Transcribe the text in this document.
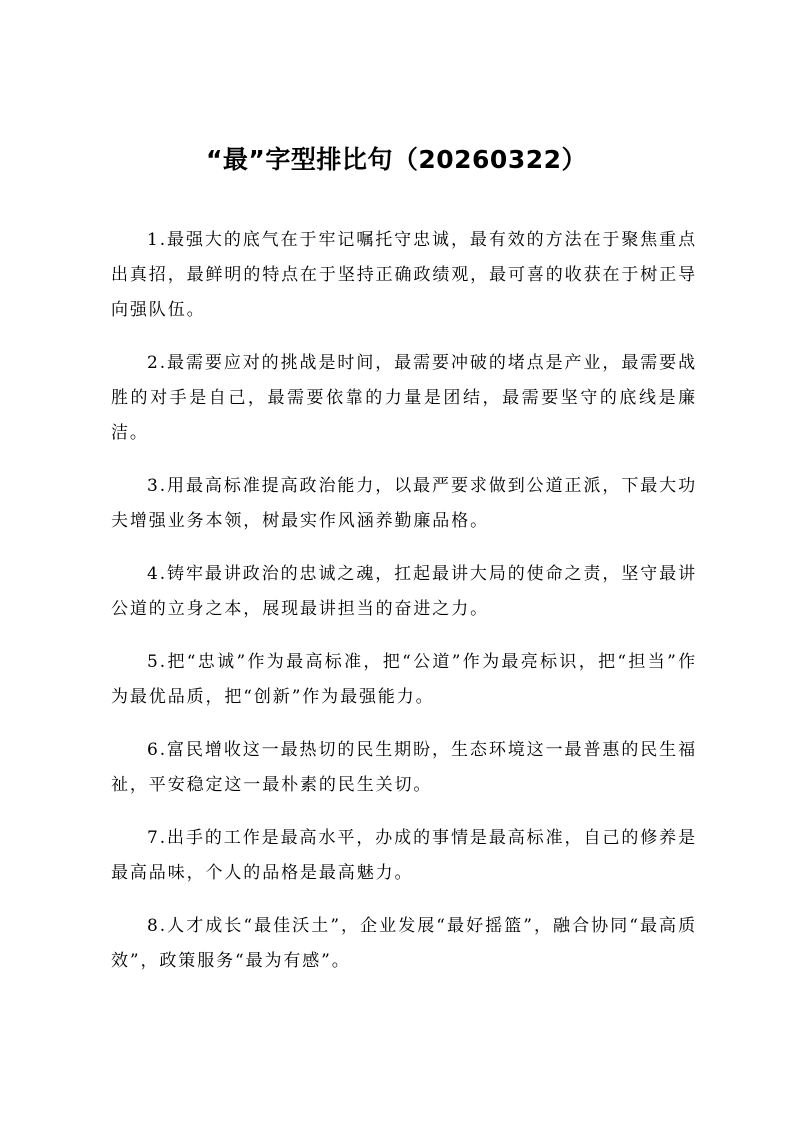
“最”字型排比句（20260322）

1.最强大的底气在于牢记嘱托守忠诚，最有效的方法在于聚焦重点出真招，最鲜明的特点在于坚持正确政绩观，最可喜的收获在于树正导向强队伍。

2.最需要应对的挑战是时间，最需要冲破的堵点是产业，最需要战胜的对手是自己，最需要依靠的力量是团结，最需要坚守的底线是廉洁。

3.用最高标准提高政治能力，以最严要求做到公道正派，下最大功夫增强业务本领，树最实作风涵养勤廉品格。

4.铸牢最讲政治的忠诚之魂，扛起最讲大局的使命之责，坚守最讲公道的立身之本，展现最讲担当的奋进之力。

5.把“忠诚”作为最高标准，把“公道”作为最亮标识，把“担当”作为最优品质，把“创新”作为最强能力。

6.富民增收这一最热切的民生期盼，生态环境这一最普惠的民生福祉，平安稳定这一最朴素的民生关切。

7.出手的工作是最高水平，办成的事情是最高标准，自己的修养是最高品味，个人的品格是最高魅力。

8.人才成长“最佳沃土”，企业发展“最好摇篮”，融合协同“最高质效”，政策服务“最为有感”。
